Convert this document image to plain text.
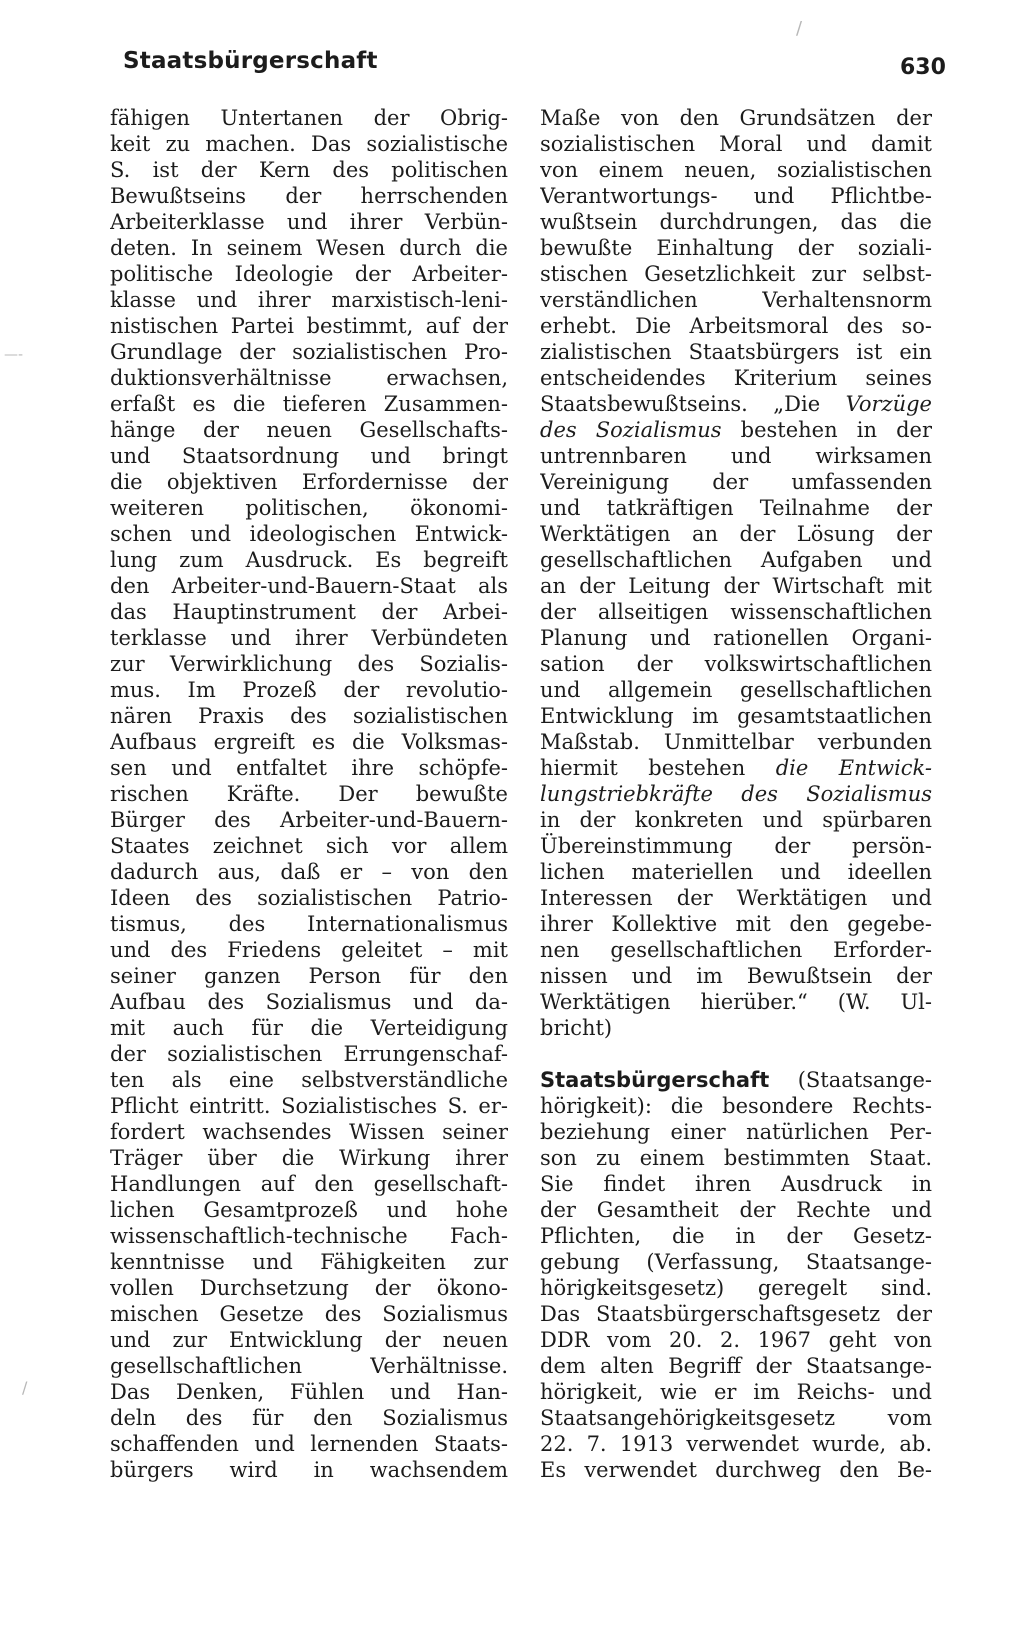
Staatsbürgerschaft	630
fähigen Untertanen der Obrig-
keit zu machen. Das sozialistische
S. ist der Kern des politischen
Bewußtseins der herrschenden
Arbeiterklasse und ihrer Verbün-
deten. In seinem Wesen durch die
politische Ideologie der Arbeiter-
klasse und ihrer marxistisch-leni-
nistischen Partei bestimmt, auf der
Grundlage der sozialistischen Pro-
duktionsverhältnisse erwachsen,
erfaßt es die tieferen Zusammen-
hänge der neuen Gesellschafts-
und Staatsordnung und bringt
die objektiven Erfordernisse der
weiteren politischen, ökonomi-
schen und ideologischen Entwick-
lung zum Ausdruck. Es begreift
den Arbeiter-und-Bauern-Staat als
das Hauptinstrument der Arbei-
terklasse und ihrer Verbündeten
zur Verwirklichung des Sozialis-
mus. Im Prozeß der revolutio-
nären Praxis des sozialistischen
Aufbaus ergreift es die Volksmas-
sen und entfaltet ihre schöpfe-
rischen Kräfte. Der bewußte
Bürger des Arbeiter-und-Bauern-
Staates zeichnet sich vor allem
dadurch aus, daß er – von den
Ideen des sozialistischen Patrio-
tismus, des Internationalismus
und des Friedens geleitet – mit
seiner ganzen Person für den
Aufbau des Sozialismus und da-
mit auch für die Verteidigung
der sozialistischen Errungenschaf-
ten als eine selbstverständliche
Pflicht eintritt. Sozialistisches S. er-
fordert wachsendes Wissen seiner
Träger über die Wirkung ihrer
Handlungen auf den gesellschaft-
lichen Gesamtprozeß und hohe
wissenschaftlich-technische Fach-
kenntnisse und Fähigkeiten zur
vollen Durchsetzung der ökono-
mischen Gesetze des Sozialismus
und zur Entwicklung der neuen
gesellschaftlichen Verhältnisse.
Das Denken, Fühlen und Han-
deln des für den Sozialismus
schaffenden und lernenden Staats-
bürgers wird in wachsendem
Maße von den Grundsätzen der
sozialistischen Moral und damit
von einem neuen, sozialistischen
Verantwortungs- und Pflichtbe-
wußtsein durchdrungen, das die
bewußte Einhaltung der soziali-
stischen Gesetzlichkeit zur selbst-
verständlichen Verhaltensnorm
erhebt. Die Arbeitsmoral des so-
zialistischen Staatsbürgers ist ein
entscheidendes Kriterium seines
Staatsbewußtseins. „Die Vorzüge
des Sozialismus bestehen in der
untrennbaren und wirksamen
Vereinigung der umfassenden
und tatkräftigen Teilnahme der
Werktätigen an der Lösung der
gesellschaftlichen Aufgaben und
an der Leitung der Wirtschaft mit
der allseitigen wissenschaftlichen
Planung und rationellen Organi-
sation der volkswirtschaftlichen
und allgemein gesellschaftlichen
Entwicklung im gesamtstaatlichen
Maßstab. Unmittelbar verbunden
hiermit bestehen die Entwick-
lungstriebkräfte des Sozialismus
in der konkreten und spürbaren
Übereinstimmung der persön-
lichen materiellen und ideellen
Interessen der Werktätigen und
ihrer Kollektive mit den gegebe-
nen gesellschaftlichen Erforder-
nissen und im Bewußtsein der
Werktätigen hierüber.“ (W. Ul-
bricht)
Staatsbürgerschaft (Staatsange-
hörigkeit): die besondere Rechts-
beziehung einer natürlichen Per-
son zu einem bestimmten Staat.
Sie findet ihren Ausdruck in
der Gesamtheit der Rechte und
Pflichten, die in der Gesetz-
gebung (Verfassung, Staatsange-
hörigkeitsgesetz) geregelt sind.
Das Staatsbürgerschaftsgesetz der
DDR vom 20. 2. 1967 geht von
dem alten Begriff der Staatsange-
hörigkeit, wie er im Reichs- und
Staatsangehörigkeitsgesetz vom
22. 7. 1913 verwendet wurde, ab.
Es verwendet durchweg den Be-
/
—-
/
